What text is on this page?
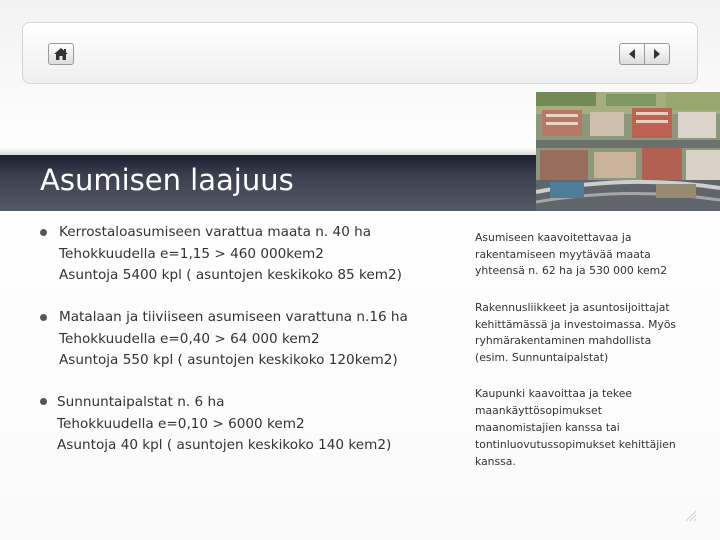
Asumisen laajuus
Kerrostaloasumiseen varattua maata n. 40 ha
Tehokkuudella e=1,15 > 460 000kem2
Asuntoja 5400 kpl ( asuntojen keskikoko 85 kem2)
Matalaan ja tiiviiseen asumiseen varattuna n.16 ha
Tehokkuudella e=0,40 > 64 000 kem2
Asuntoja 550 kpl ( asuntojen keskikoko 120kem2)
Sunnuntaipalstat n. 6 ha
Tehokkuudella e=0,10 > 6000 kem2
Asuntoja 40 kpl ( asuntojen keskikoko 140 kem2)
Asumiseen kaavoitettavaa ja
rakentamiseen myytävää maata
yhteensä n. 62 ha ja 530 000 kem2
Rakennusliikkeet ja asuntosijoittajat
kehittämässä ja investoimassa. Myös
ryhmärakentaminen mahdollista
(esim. Sunnuntaipalstat)
Kaupunki kaavoittaa ja tekee
maankäyttösopimukset
maanomistajien kanssa tai
tontinluovutussopimukset kehittäjien
kanssa.
